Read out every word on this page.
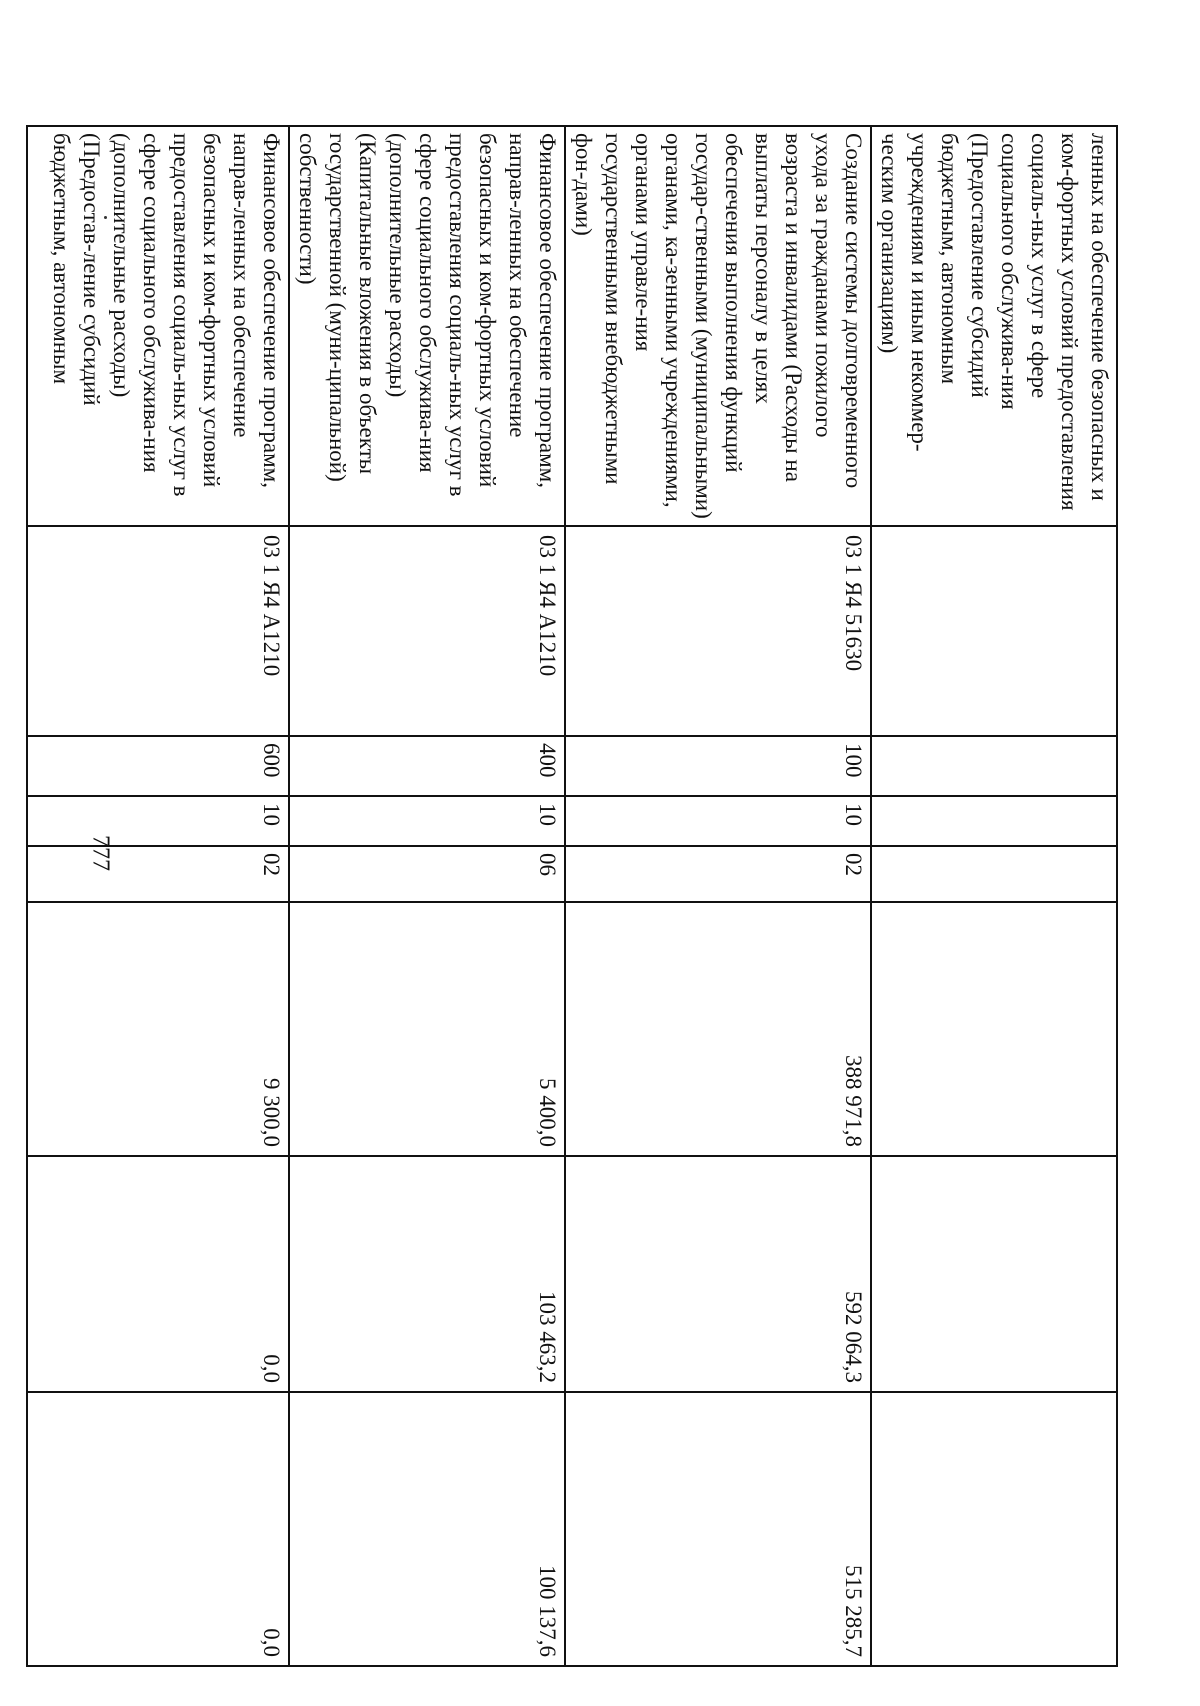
777
ленных на обеспечение безопасных и ком-фортных условий предоставления социаль-ных услуг в сфере социального обслужива-ния (Предоставление субсидий бюджетным, автономным учреждениям и иным некоммер-ческим организациям)							
Создание системы долговременного ухода за гражданами пожилого возраста и инвалидами (Расходы на выплаты персоналу в целях обеспечения выполнения функций государ-ственными (муниципальными) органами, ка-зенными учреждениями, органами управле-ния государственными внебюджетными фон-дами)	03 1 Я4 51630	100	10	02	388 971,8	592 064,3	515 285,7
Финансовое обеспечение программ, направ-ленных на обеспечение безопасных и ком-фортных условий предоставления социаль-ных услуг в сфере социального обслужива-ния (дополнительные расходы) (Капитальные вложения в объекты государственной (муни-ципальной) собственности)	03 1 Я4 А1210	400	10	06	5 400,0	103 463,2	100 137,6
Финансовое обеспечение программ, направ-ленных на обеспечение безопасных и ком-фортных условий предоставления социаль-ных услуг в сфере социального обслужива-ния (дополнительные расходы) (Предостав-ление субсидий бюджетным, автономным	03 1 Я4 А1210	600	10	02	9 300,0	0,0	0,0
